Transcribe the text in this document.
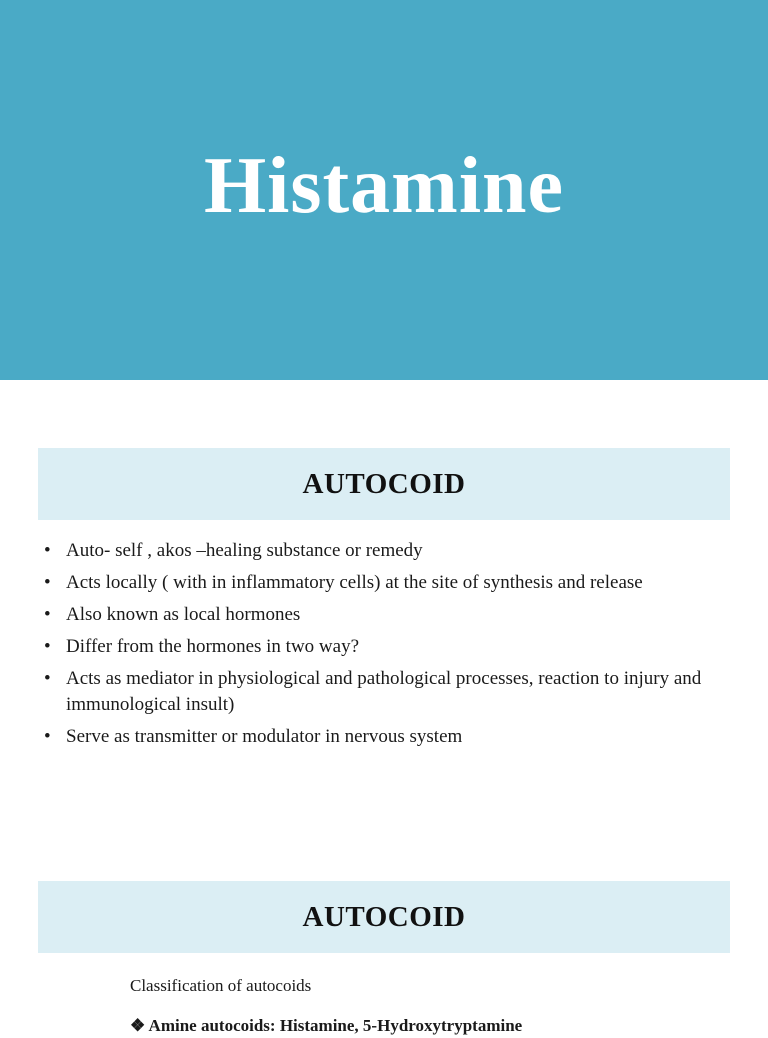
Histamine
AUTOCOID
• Auto- self , akos –healing substance or remedy
• Acts locally ( with in inflammatory cells) at the site of synthesis and release
• Also known as local hormones
• Differ from the hormones in two way?
• Acts as mediator in physiological and pathological processes, reaction to injury and immunological insult)
• Serve as transmitter or modulator in nervous system
AUTOCOID
Classification of autocoids
❖ Amine autocoids: Histamine, 5-Hydroxytryptamine
